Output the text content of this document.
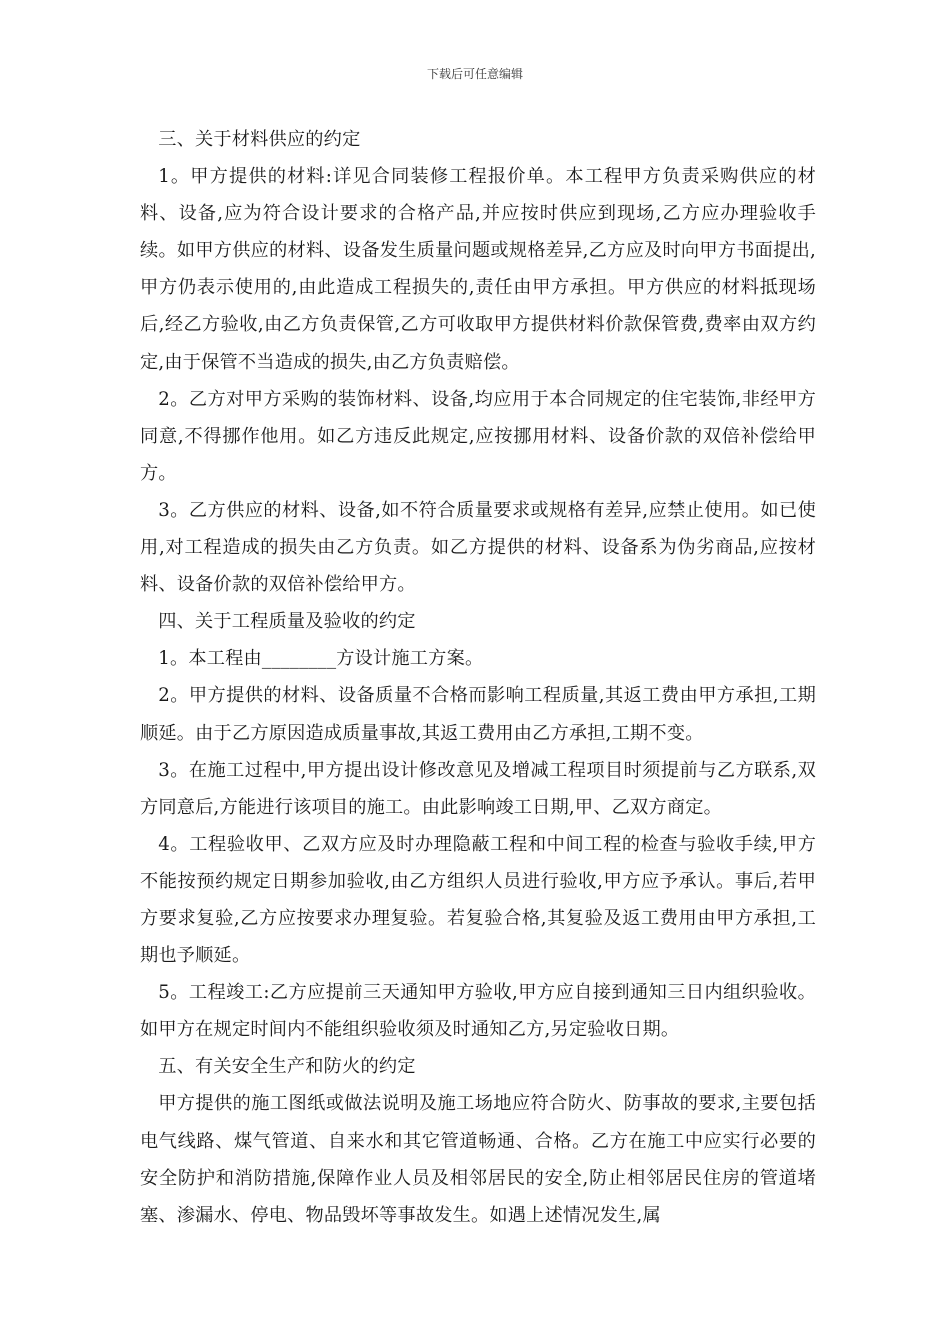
下载后可任意编辑

三、关于材料供应的约定

1。甲方提供的材料:详见合同装修工程报价单。本工程甲方负责采购供应的材料、设备,应为符合设计要求的合格产品,并应按时供应到现场,乙方应办理验收手续。如甲方供应的材料、设备发生质量问题或规格差异,乙方应及时向甲方书面提出,甲方仍表示使用的,由此造成工程损失的,责任由甲方承担。甲方供应的材料抵现场后,经乙方验收,由乙方负责保管,乙方可收取甲方提供材料价款保管费,费率由双方约定,由于保管不当造成的损失,由乙方负责赔偿。

2。乙方对甲方采购的装饰材料、设备,均应用于本合同规定的住宅装饰,非经甲方同意,不得挪作他用。如乙方违反此规定,应按挪用材料、设备价款的双倍补偿给甲方。

3。乙方供应的材料、设备,如不符合质量要求或规格有差异,应禁止使用。如已使用,对工程造成的损失由乙方负责。如乙方提供的材料、设备系为伪劣商品,应按材料、设备价款的双倍补偿给甲方。

四、关于工程质量及验收的约定

1。本工程由________方设计施工方案。

2。甲方提供的材料、设备质量不合格而影响工程质量,其返工费由甲方承担,工期顺延。由于乙方原因造成质量事故,其返工费用由乙方承担,工期不变。

3。在施工过程中,甲方提出设计修改意见及增减工程项目时须提前与乙方联系,双方同意后,方能进行该项目的施工。由此影响竣工日期,甲、乙双方商定。

4。工程验收甲、乙双方应及时办理隐蔽工程和中间工程的检查与验收手续,甲方不能按预约规定日期参加验收,由乙方组织人员进行验收,甲方应予承认。事后,若甲方要求复验,乙方应按要求办理复验。若复验合格,其复验及返工费用由甲方承担,工期也予顺延。

5。工程竣工:乙方应提前三天通知甲方验收,甲方应自接到通知三日内组织验收。如甲方在规定时间内不能组织验收须及时通知乙方,另定验收日期。

五、有关安全生产和防火的约定

甲方提供的施工图纸或做法说明及施工场地应符合防火、防事故的要求,主要包括电气线路、煤气管道、自来水和其它管道畅通、合格。乙方在施工中应实行必要的安全防护和消防措施,保障作业人员及相邻居民的安全,防止相邻居民住房的管道堵塞、渗漏水、停电、物品毁坏等事故发生。如遇上述情况发生,属
